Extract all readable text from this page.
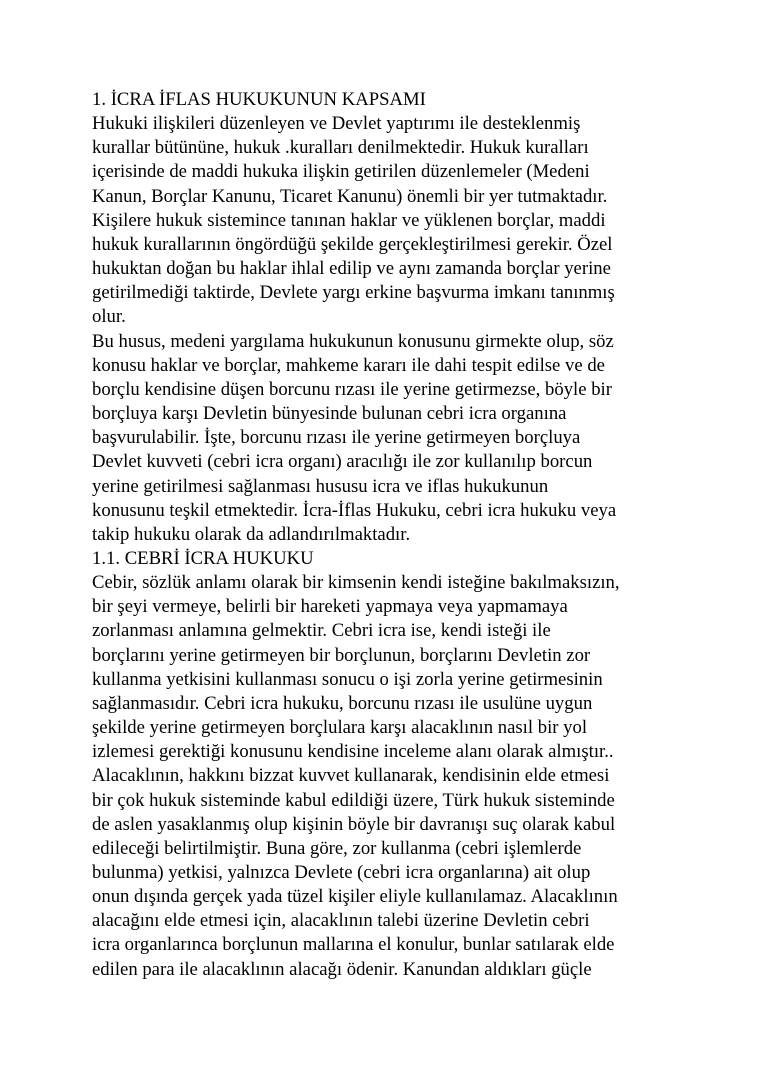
1. İCRA İFLAS HUKUKUNUN KAPSAMI
Hukuki ilişkileri düzenleyen ve Devlet yaptırımı ile desteklenmiş
kurallar bütününe, hukuk .kuralları denilmektedir. Hukuk kuralları
içerisinde de maddi hukuka ilişkin getirilen düzenlemeler (Medeni
Kanun, Borçlar Kanunu, Ticaret Kanunu) önemli bir yer tutmaktadır.
Kişilere hukuk sistemince tanınan haklar ve yüklenen borçlar, maddi
hukuk kurallarının öngördüğü şekilde gerçekleştirilmesi gerekir. Özel
hukuktan doğan bu haklar ihlal edilip ve aynı zamanda borçlar yerine
getirilmediği taktirde, Devlete yargı erkine başvurma imkanı tanınmış
olur.
Bu husus, medeni yargılama hukukunun konusunu girmekte olup, söz
konusu haklar ve borçlar, mahkeme kararı ile dahi tespit edilse ve de
borçlu kendisine düşen borcunu rızası ile yerine getirmezse, böyle bir
borçluya karşı Devletin bünyesinde bulunan cebri icra organına
başvurulabilir. İşte, borcunu rızası ile yerine getirmeyen borçluya
Devlet kuvveti (cebri icra organı) aracılığı ile zor kullanılıp borcun
yerine getirilmesi sağlanması hususu icra ve iflas hukukunun
konusunu teşkil etmektedir. İcra-İflas Hukuku, cebri icra hukuku veya
takip hukuku olarak da adlandırılmaktadır.
1.1. CEBRİ İCRA HUKUKU
Cebir, sözlük anlamı olarak bir kimsenin kendi isteğine bakılmaksızın,
bir şeyi vermeye, belirli bir hareketi yapmaya veya yapmamaya
zorlanması anlamına gelmektir. Cebri icra ise, kendi isteği ile
borçlarını yerine getirmeyen bir borçlunun, borçlarını Devletin zor
kullanma yetkisini kullanması sonucu o işi zorla yerine getirmesinin
sağlanmasıdır. Cebri icra hukuku, borcunu rızası ile usulüne uygun
şekilde yerine getirmeyen borçlulara karşı alacaklının nasıl bir yol
izlemesi gerektiği konusunu kendisine inceleme alanı olarak almıştır..
Alacaklının, hakkını bizzat kuvvet kullanarak, kendisinin elde etmesi
bir çok hukuk sisteminde kabul edildiği üzere, Türk hukuk sisteminde
de aslen yasaklanmış olup kişinin böyle bir davranışı suç olarak kabul
edileceği belirtilmiştir. Buna göre, zor kullanma (cebri işlemlerde
bulunma) yetkisi, yalnızca Devlete (cebri icra organlarına) ait olup
onun dışında gerçek yada tüzel kişiler eliyle kullanılamaz. Alacaklının
alacağını elde etmesi için, alacaklının talebi üzerine Devletin cebri
icra organlarınca borçlunun mallarına el konulur, bunlar satılarak elde
edilen para ile alacaklının alacağı ödenir. Kanundan aldıkları güçle
